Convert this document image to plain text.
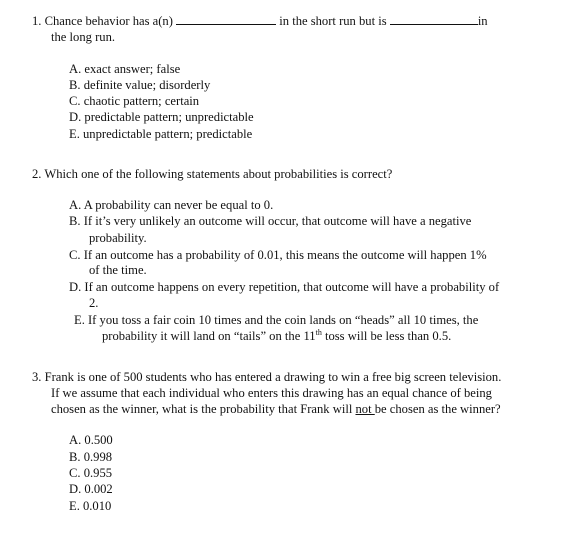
1. Chance behavior has a(n)	in the short run but is	in
the long run.
A. exact answer; false
B. definite value; disorderly
C. chaotic pattern; certain
D. predictable pattern; unpredictable
E. unpredictable pattern; predictable
2. Which one of the following statements about probabilities is correct?
A. A probability can never be equal to 0.
B. If it’s very unlikely an outcome will occur, that outcome will have a negative
probability.
C. If an outcome has a probability of 0.01, this means the outcome will happen 1%
of the time.
D. If an outcome happens on every repetition, that outcome will have a probability of
2.
E. If you toss a fair coin 10 times and the coin lands on “heads” all 10 times, the
probability it will land on “tails” on the 11th toss will be less than 0.5.
3. Frank is one of 500 students who has entered a drawing to win a free big screen television.
If we assume that each individual who enters this drawing has an equal chance of being
chosen as the winner, what is the probability that Frank will not be chosen as the winner?
A. 0.500
B. 0.998
C. 0.955
D. 0.002
E. 0.010
